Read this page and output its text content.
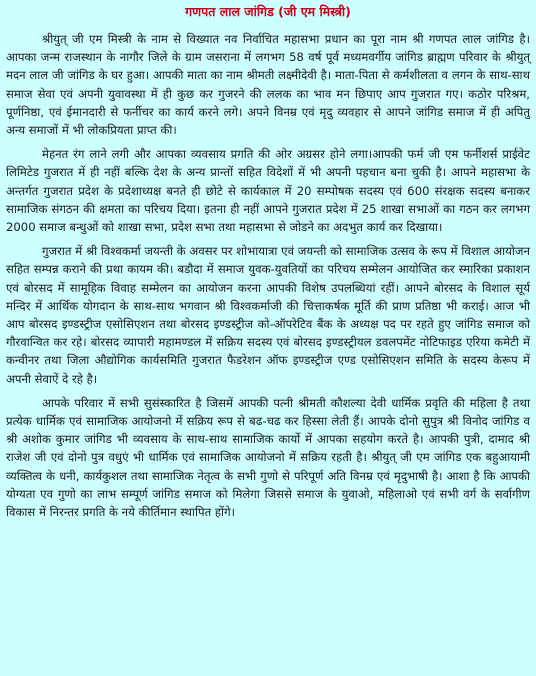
गणपत लाल जांगिड (जी एम मिस्त्री)

श्रीयुत् जी एम मिस्त्री के नाम से विख्यात नव निर्वाचित महासभा प्रधान का पूरा नाम श्री गणपत लाल जांगिड है। आपका जन्म राजस्थान के नागौर जिले के ग्राम जसराना में लगभग 58 वर्ष पूर्व मध्यमवर्गीय जांगिड ब्राह्मण परिवार के श्रीयुत् मदन लाल जी जांगिड के घर हुआ। आपकी माता का नाम श्रीमती लक्ष्मीदेवी है। माता-पिता से कर्मशीलता व लगन के साथ-साथ समाज सेवा एवं अपनी युवावस्था में ही कुछ कर गुजरने की ललक का भाव मन छिपाए आप गुजरात गए। कठोर परिश्रम, पूर्णनिष्ठा, एवं ईमानदारी से फर्नीचर का कार्य करने लगे। अपने विनम्र एवं मृदु व्यवहार से आपने जांगिड समाज में ही अपितु अन्य समाजों में भी लोकप्रियता प्राप्त की।

मेहनत रंग लाने लगी और आपका व्यवसाय प्रगति की ओर अग्रसर होने लगा।आपकी फर्म जी एम फर्नीशर्स प्राईवेट लिमिटेड गुजरात में ही नहीं बल्कि देश के अन्य प्रान्तों सहित विदेशों में भी अपनी पहचान बना चुकी है। आपने महासभा के अन्तर्गत गुजरात प्रदेश के प्रदेशाध्यक्ष बनते ही छोटे से कार्यकाल में 20 सम्पोषक सदस्य एवं 600 संरक्षक सदस्य बनाकर सामाजिक संगठन की क्षमता का परिचय दिया। इतना ही नहीं आपने गुजरात प्रदेश में 25 शाखा सभाओं का गठन कर लगभग 2000 समाज बन्धुओं को शाखा सभा, प्रदेश सभा तथा महासभा से जोडने का अदभुत कार्य कर दिखाया।

गुजरात में श्री विश्वकर्मा जयन्ती के अवसर पर शोभायात्रा एवं जयन्ती को सामाजिक उत्सव के रूप में विशाल आयोजन सहित सम्पन्न कराने की प्रथा कायम की। बडौदा में समाज युवक-युवतियों का परिचय सम्मेलन आयोजित कर स्मारिका प्रकाशन एवं बोरसद में सामूहिक विवाह सम्मेलन का आयोजन करना आपकी विशेष उपलब्धियां रहीं। आपने बोरसद के विशाल सूर्य मन्दिर में आर्थिक योगदान के साथ-साथ भगवान श्री विश्वकर्माजी की चित्ताकर्षक मूर्ति की प्राण प्रतिष्ठा भी कराई। आज भी आप बोरसद इण्डस्ट्रीज एसोसिएशन तथा बोरसद इण्डस्ट्रीज को-ऑपरेटिव बैंक के अध्यक्ष पद पर रहते हुए जांगिड समाज को गौरवान्वित कर रहे। बोरसद व्यापारी महामण्डल में सक्रिय सदस्य एवं बोरसद इण्डस्ट्रीयल डवलपमेंट नोटिफाइड एरिया कमेटी में कन्वीनर तथा जिला औद्योगिक कार्यसमिति गुजरात फैडरेशन ऑफ इण्डस्ट्रीज एण्ड एसोसिएशन समिति के सदस्य केरूप में अपनी सेवाऐं दे रहे है।

आपके परिवार में सभी सुसंस्कारित है जिसमें आपकी पत्नी श्रीमती कौशल्या देवी धार्मिक प्रवृति की महिला है तथा प्रत्येक धार्मिक एवं सामाजिक आयोजनो में सक्रिय रूप से बढ-चढ कर हिस्सा लेती हैं। आपके दोनो सुपुत्र श्री विनोद जांगिड व श्री अशोक कुमार जांगिड भी व्यवसाय के साथ-साथ सामाजिक कार्यो में आपका सहयोग करते है। आपकी पुत्री, दामाद श्री राजेश जी एवं दोनो पुत्र वधुएं भी धार्मिक एवं सामाजिक आयोजनो में सक्रिय रहती है। श्रीयुत् जी एम जांगिड एक बहुआयामी व्यक्तित्व के धनी, कार्यकुशल तथा सामाजिक नेतृत्व के सभी गुणो से परिपूर्ण अति विनम्र एवं मृदुभाषी है। आशा है कि आपकी योग्यता एव गुणो का लाभ सम्पूर्ण जांगिड समाज को मिलेगा जिससे समाज के युवाओ, महिलाओ एवं सभी वर्ग के सर्वागीण विकास में निरन्तर प्रगति के नये कीर्तिमान स्थापित होंगे।
